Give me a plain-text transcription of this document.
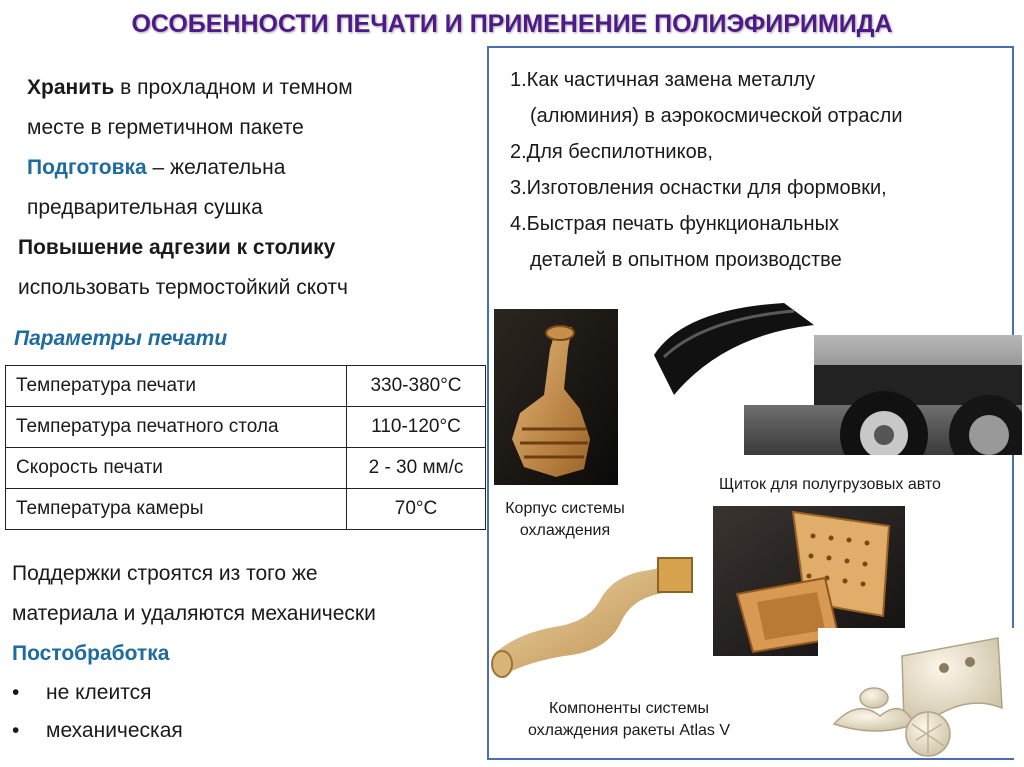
ОСОБЕННОСТИ ПЕЧАТИ И ПРИМЕНЕНИЕ ПОЛИЭФИРИМИДА
Хранить в прохладном и темном
месте в герметичном пакете
Подготовка – желательна
предварительная сушка
Повышение адгезии к столику
использовать термостойкий скотч
Параметры печати
Температура печати	330-380°С
Температура печатного стола	110-120°С
Скорость печати	2 - 30 мм/с
Температура камеры	70°С
Поддержки строятся из того же
материала и удаляются механически
Постобработка
• не клеится
• механическая
1.Как частичная замена металлу
(алюминия) в аэрокосмической отрасли
2.Для беспилотников,
3.Изготовления оснастки для формовки,
4.Быстрая печать функциональных
деталей в опытном производстве
Корпус системы
охлаждения
Щиток для полугрузовых авто
Компоненты системы
охлаждения ракеты Atlas V
